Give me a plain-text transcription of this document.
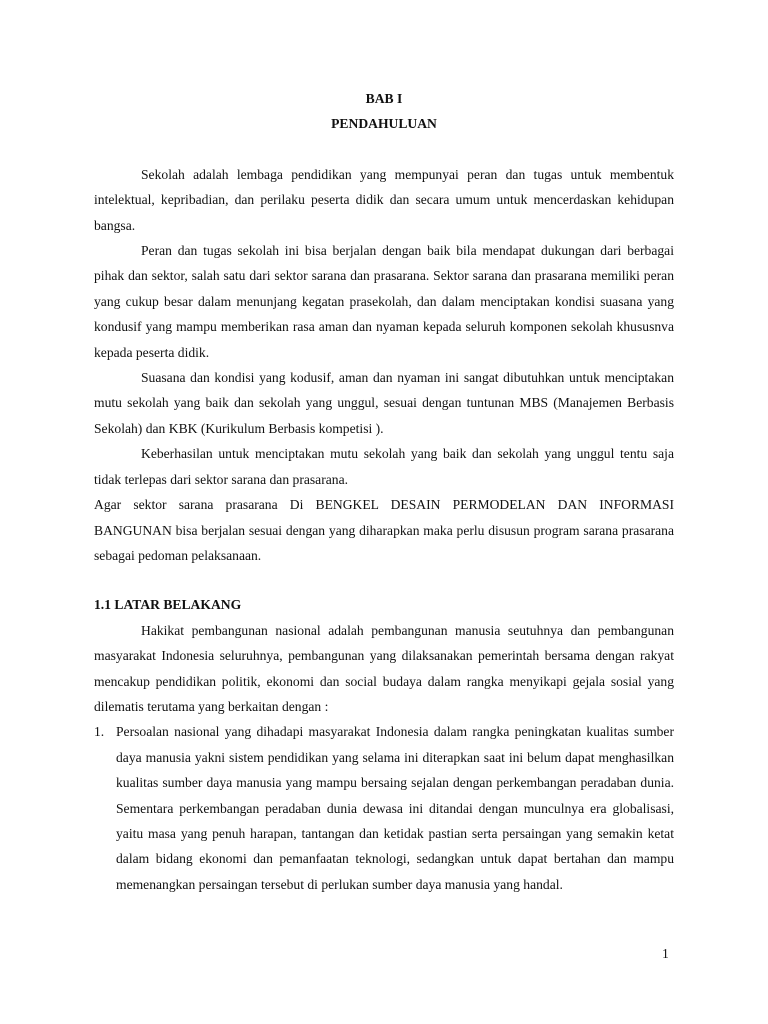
BAB I

PENDAHULUAN

Sekolah adalah lembaga pendidikan yang mempunyai peran dan tugas untuk membentuk intelektual, kepribadian, dan perilaku peserta didik dan secara umum untuk mencerdaskan kehidupan bangsa.

Peran dan tugas sekolah ini bisa berjalan dengan baik bila mendapat dukungan dari berbagai pihak dan sektor, salah satu dari sektor sarana dan prasarana. Sektor sarana dan prasarana memiliki peran yang cukup besar dalam menunjang kegatan prasekolah, dan dalam menciptakan kondisi suasana yang kondusif yang mampu memberikan rasa aman dan nyaman kepada seluruh komponen sekolah khususnva kepada peserta didik.

Suasana dan kondisi yang kodusif, aman dan nyaman ini sangat dibutuhkan untuk menciptakan mutu sekolah yang baik dan sekolah yang unggul, sesuai dengan tuntunan MBS (Manajemen Berbasis Sekolah) dan KBK (Kurikulum Berbasis kompetisi ).

Keberhasilan untuk menciptakan mutu sekolah yang baik dan sekolah yang unggul tentu saja tidak terlepas dari sektor sarana dan prasarana.

Agar sektor sarana prasarana Di BENGKEL DESAIN PERMODELAN DAN INFORMASI BANGUNAN bisa berjalan sesuai dengan yang diharapkan maka perlu disusun program sarana prasarana sebagai pedoman pelaksanaan.

1.1 LATAR BELAKANG

Hakikat pembangunan nasional adalah pembangunan manusia seutuhnya dan pembangunan masyarakat Indonesia seluruhnya, pembangunan yang dilaksanakan pemerintah bersama dengan rakyat mencakup pendidikan politik, ekonomi dan social budaya dalam rangka menyikapi gejala sosial yang dilematis terutama yang berkaitan dengan :

1. Persoalan nasional yang dihadapi masyarakat Indonesia dalam rangka peningkatan kualitas sumber daya manusia yakni sistem pendidikan yang selama ini diterapkan saat ini belum dapat menghasilkan kualitas sumber daya manusia yang mampu bersaing sejalan dengan perkembangan peradaban dunia. Sementara perkembangan peradaban dunia dewasa ini ditandai dengan munculnya era globalisasi, yaitu masa yang penuh harapan, tantangan dan ketidak pastian serta persaingan yang semakin ketat dalam bidang ekonomi dan pemanfaatan teknologi, sedangkan untuk dapat bertahan dan mampu memenangkan persaingan tersebut di perlukan sumber daya manusia yang handal.
1
